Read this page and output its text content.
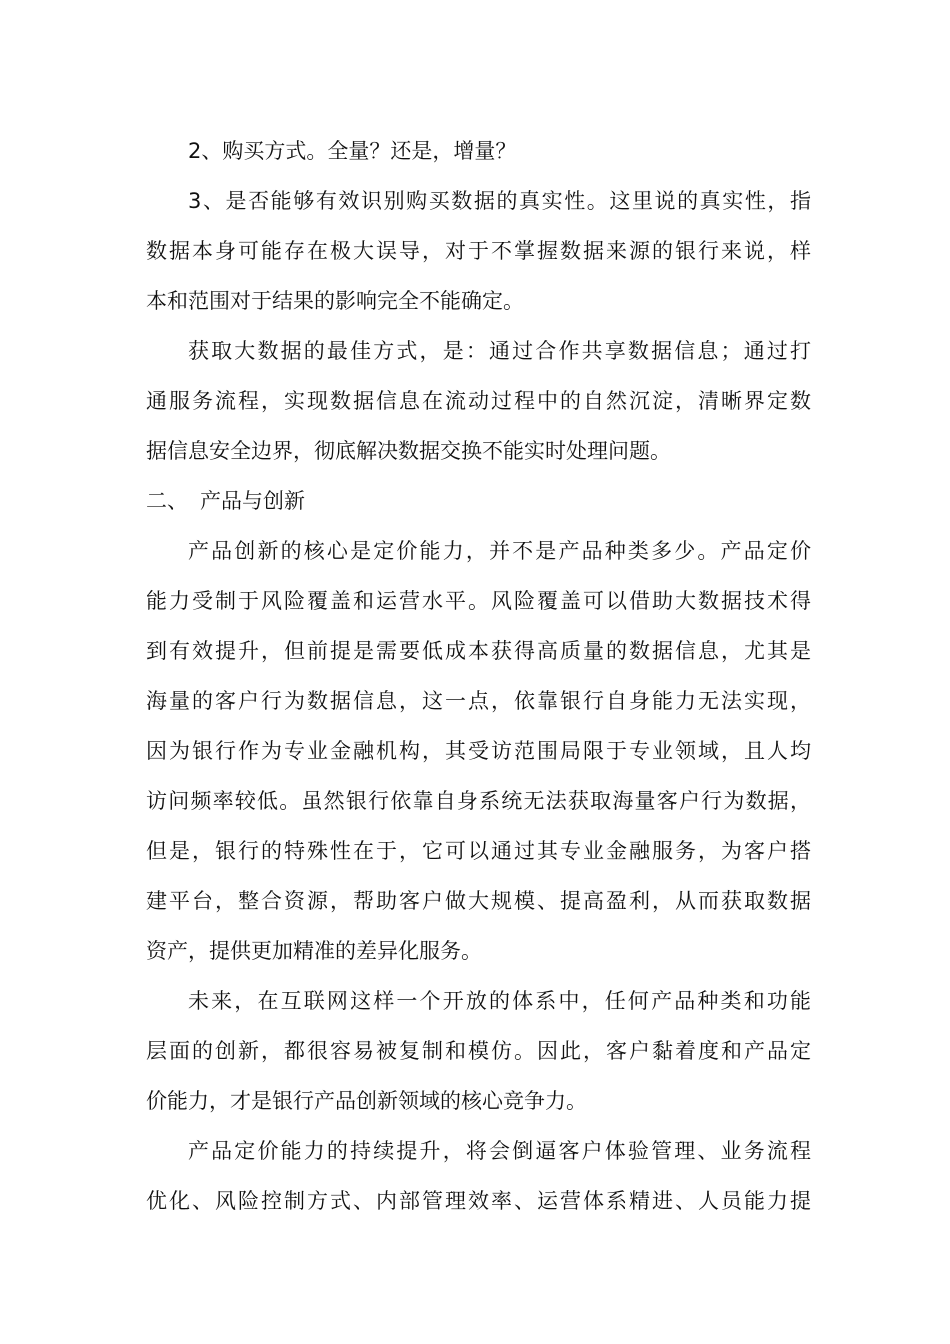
2、购买方式。全量？还是，增量？
3、是否能够有效识别购买数据的真实性。这里说的真实性，指
数据本身可能存在极大误导，对于不掌握数据来源的银行来说，样
本和范围对于结果的影响完全不能确定。
获取大数据的最佳方式，是：通过合作共享数据信息；通过打
通服务流程，实现数据信息在流动过程中的自然沉淀，清晰界定数
据信息安全边界，彻底解决数据交换不能实时处理问题。
二、 产品与创新
产品创新的核心是定价能力，并不是产品种类多少。产品定价
能力受制于风险覆盖和运营水平。风险覆盖可以借助大数据技术得
到有效提升，但前提是需要低成本获得高质量的数据信息，尤其是
海量的客户行为数据信息，这一点，依靠银行自身能力无法实现，
因为银行作为专业金融机构，其受访范围局限于专业领域，且人均
访问频率较低。虽然银行依靠自身系统无法获取海量客户行为数据，
但是，银行的特殊性在于，它可以通过其专业金融服务，为客户搭
建平台，整合资源，帮助客户做大规模、提高盈利，从而获取数据
资产，提供更加精准的差异化服务。
未来，在互联网这样一个开放的体系中，任何产品种类和功能
层面的创新，都很容易被复制和模仿。因此，客户黏着度和产品定
价能力，才是银行产品创新领域的核心竞争力。
产品定价能力的持续提升，将会倒逼客户体验管理、业务流程
优化、风险控制方式、内部管理效率、运营体系精进、人员能力提
